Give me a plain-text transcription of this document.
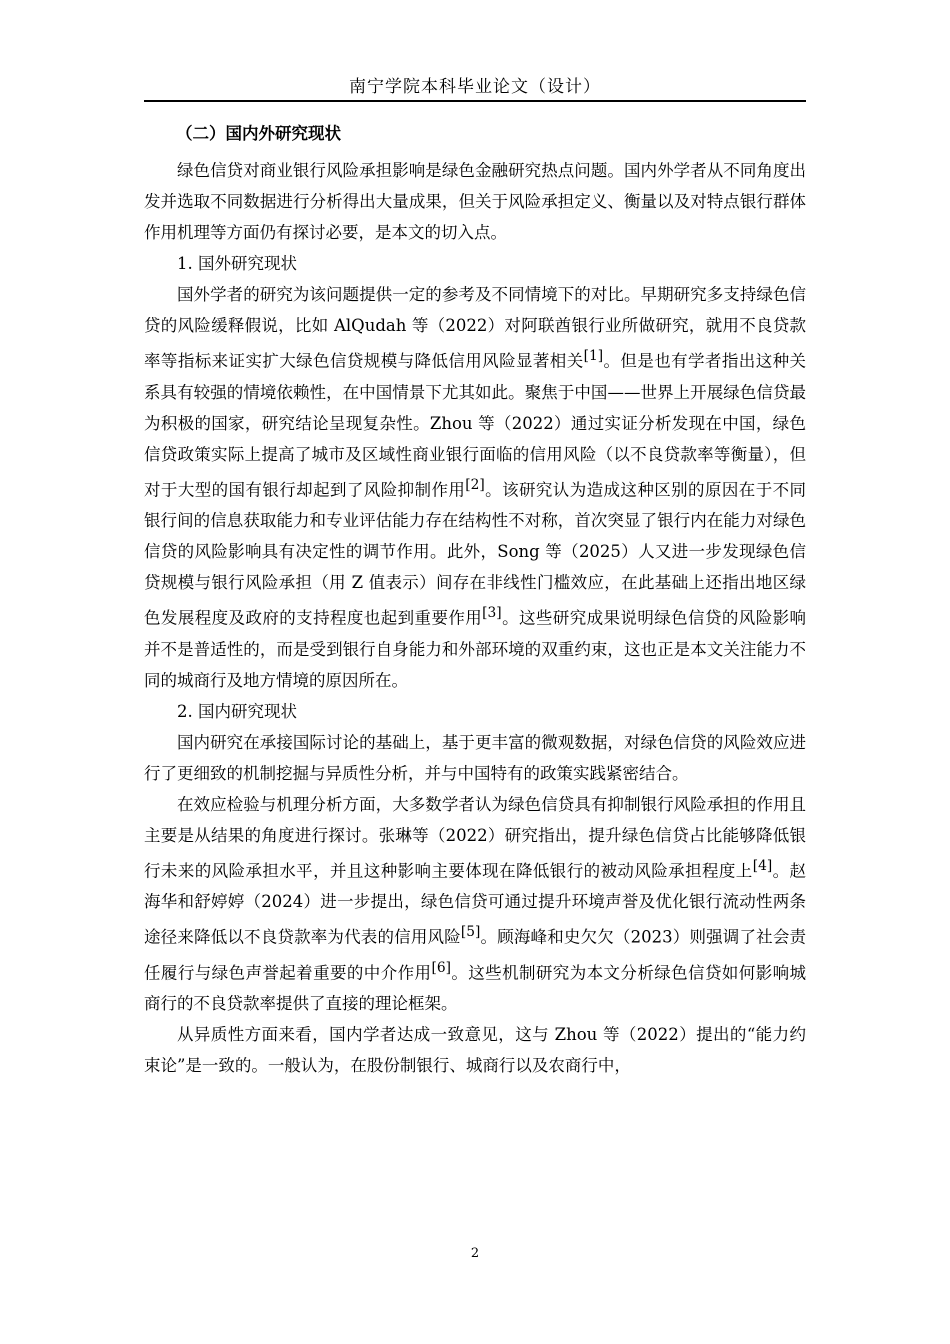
南宁学院本科毕业论文（设计）
（二）国内外研究现状

绿色信贷对商业银行风险承担影响是绿色金融研究热点问题。国内外学者从不同角度出发并选取不同数据进行分析得出大量成果，但关于风险承担定义、衡量以及对特点银行群体作用机理等方面仍有探讨必要，是本文的切入点。

1. 国外研究现状

国外学者的研究为该问题提供一定的参考及不同情境下的对比。早期研究多支持绿色信贷的风险缓释假说，比如 AlQudah 等（2022）对阿联酋银行业所做研究，就用不良贷款率等指标来证实扩大绿色信贷规模与降低信用风险显著相关[1]。但是也有学者指出这种关系具有较强的情境依赖性，在中国情景下尤其如此。聚焦于中国——世界上开展绿色信贷最为积极的国家，研究结论呈现复杂性。Zhou 等（2022）通过实证分析发现在中国，绿色信贷政策实际上提高了城市及区域性商业银行面临的信用风险（以不良贷款率等衡量），但对于大型的国有银行却起到了风险抑制作用[2]。该研究认为造成这种区别的原因在于不同银行间的信息获取能力和专业评估能力存在结构性不对称，首次突显了银行内在能力对绿色信贷的风险影响具有决定性的调节作用。此外，Song 等（2025）人又进一步发现绿色信贷规模与银行风险承担（用 Z 值表示）间存在非线性门槛效应，在此基础上还指出地区绿色发展程度及政府的支持程度也起到重要作用[3]。这些研究成果说明绿色信贷的风险影响并不是普适性的，而是受到银行自身能力和外部环境的双重约束，这也正是本文关注能力不同的城商行及地方情境的原因所在。

2. 国内研究现状

国内研究在承接国际讨论的基础上，基于更丰富的微观数据，对绿色信贷的风险效应进行了更细致的机制挖掘与异质性分析，并与中国特有的政策实践紧密结合。

在效应检验与机理分析方面，大多数学者认为绿色信贷具有抑制银行风险承担的作用且主要是从结果的角度进行探讨。张琳等（2022）研究指出，提升绿色信贷占比能够降低银行未来的风险承担水平，并且这种影响主要体现在降低银行的被动风险承担程度上[4]。赵海华和舒婷婷（2024）进一步提出，绿色信贷可通过提升环境声誉及优化银行流动性两条途径来降低以不良贷款率为代表的信用风险[5]。顾海峰和史欠欠（2023）则强调了社会责任履行与绿色声誉起着重要的中介作用[6]。这些机制研究为本文分析绿色信贷如何影响城商行的不良贷款率提供了直接的理论框架。

从异质性方面来看，国内学者达成一致意见，这与 Zhou 等（2022）提出的“能力约束论”是一致的。一般认为，在股份制银行、城商行以及农商行中，

2
